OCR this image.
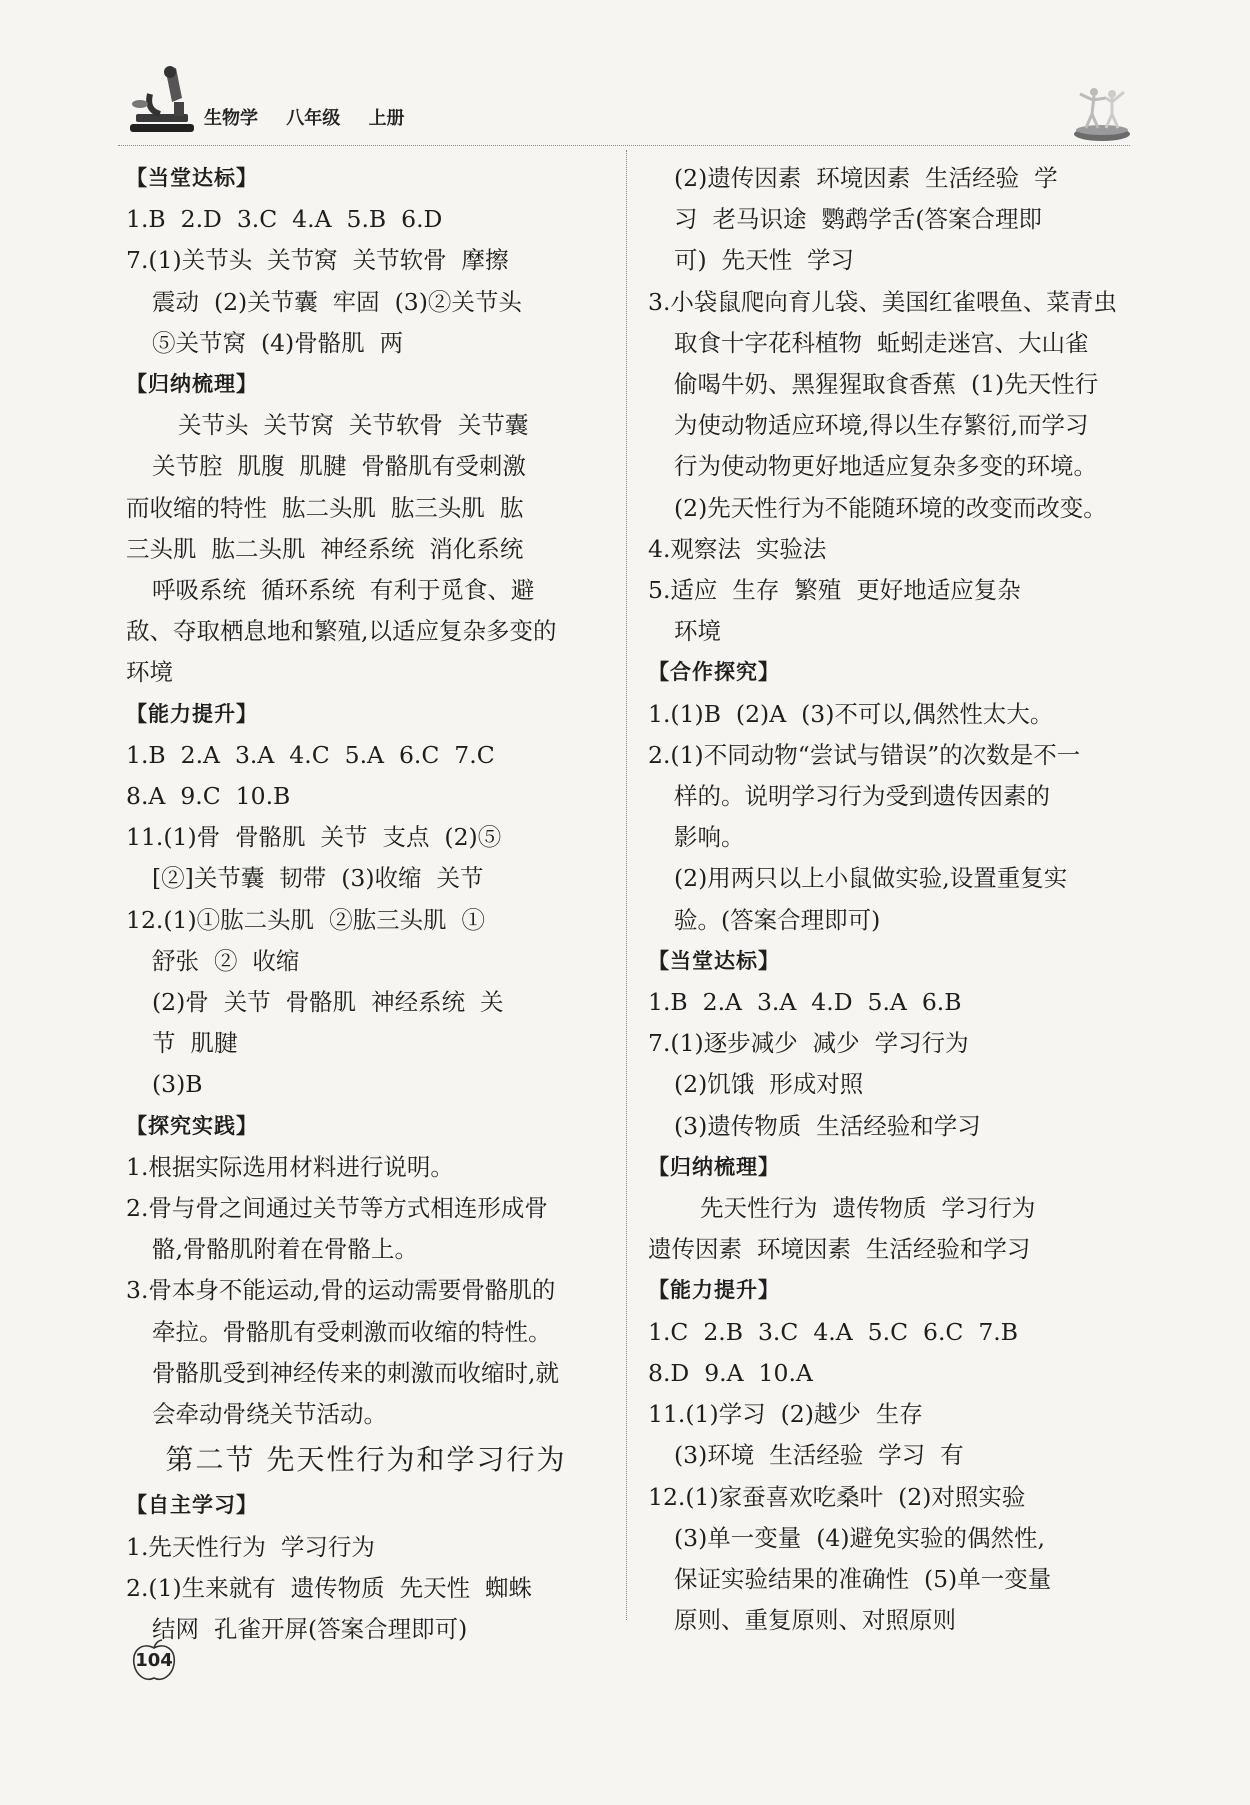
生物学 八年级 上册
【当堂达标】
1.B  2.D  3.C  4.A  5.B  6.D
7.(1)关节头  关节窝  关节软骨  摩擦
震动  (2)关节囊  牢固  (3)②关节头
⑤关节窝  (4)骨骼肌  两
【归纳梳理】
关节头  关节窝  关节软骨  关节囊
关节腔  肌腹  肌腱  骨骼肌有受刺激
而收缩的特性  肱二头肌  肱三头肌  肱
三头肌  肱二头肌  神经系统  消化系统
呼吸系统  循环系统  有利于觅食、避
敌、夺取栖息地和繁殖,以适应复杂多变的
环境
【能力提升】
1.B  2.A  3.A  4.C  5.A  6.C  7.C
8.A  9.C  10.B
11.(1)骨  骨骼肌  关节  支点  (2)⑤
[②]关节囊  韧带  (3)收缩  关节
12.(1)①肱二头肌  ②肱三头肌  ①
舒张  ②  收缩
(2)骨  关节  骨骼肌  神经系统  关
节  肌腱
(3)B
【探究实践】
1.根据实际选用材料进行说明。
2.骨与骨之间通过关节等方式相连形成骨
骼,骨骼肌附着在骨骼上。
3.骨本身不能运动,骨的运动需要骨骼肌的
牵拉。骨骼肌有受刺激而收缩的特性。
骨骼肌受到神经传来的刺激而收缩时,就
会牵动骨绕关节活动。
第二节 先天性行为和学习行为
【自主学习】
1.先天性行为  学习行为
2.(1)生来就有  遗传物质  先天性  蜘蛛
结网  孔雀开屏(答案合理即可)
(2)遗传因素  环境因素  生活经验  学
习  老马识途  鹦鹉学舌(答案合理即
可)  先天性  学习
3.小袋鼠爬向育儿袋、美国红雀喂鱼、菜青虫
取食十字花科植物  蚯蚓走迷宫、大山雀
偷喝牛奶、黑猩猩取食香蕉  (1)先天性行
为使动物适应环境,得以生存繁衍,而学习
行为使动物更好地适应复杂多变的环境。
(2)先天性行为不能随环境的改变而改变。
4.观察法  实验法
5.适应  生存  繁殖  更好地适应复杂
环境
【合作探究】
1.(1)B  (2)A  (3)不可以,偶然性太大。
2.(1)不同动物“尝试与错误”的次数是不一
样的。说明学习行为受到遗传因素的
影响。
(2)用两只以上小鼠做实验,设置重复实
验。(答案合理即可)
【当堂达标】
1.B  2.A  3.A  4.D  5.A  6.B
7.(1)逐步减少  减少  学习行为
(2)饥饿  形成对照
(3)遗传物质  生活经验和学习
【归纳梳理】
先天性行为  遗传物质  学习行为
遗传因素  环境因素  生活经验和学习
【能力提升】
1.C  2.B  3.C  4.A  5.C  6.C  7.B
8.D  9.A  10.A
11.(1)学习  (2)越少  生存
(3)环境  生活经验  学习  有
12.(1)家蚕喜欢吃桑叶  (2)对照实验
(3)单一变量  (4)避免实验的偶然性,
保证实验结果的准确性  (5)单一变量
原则、重复原则、对照原则
104
